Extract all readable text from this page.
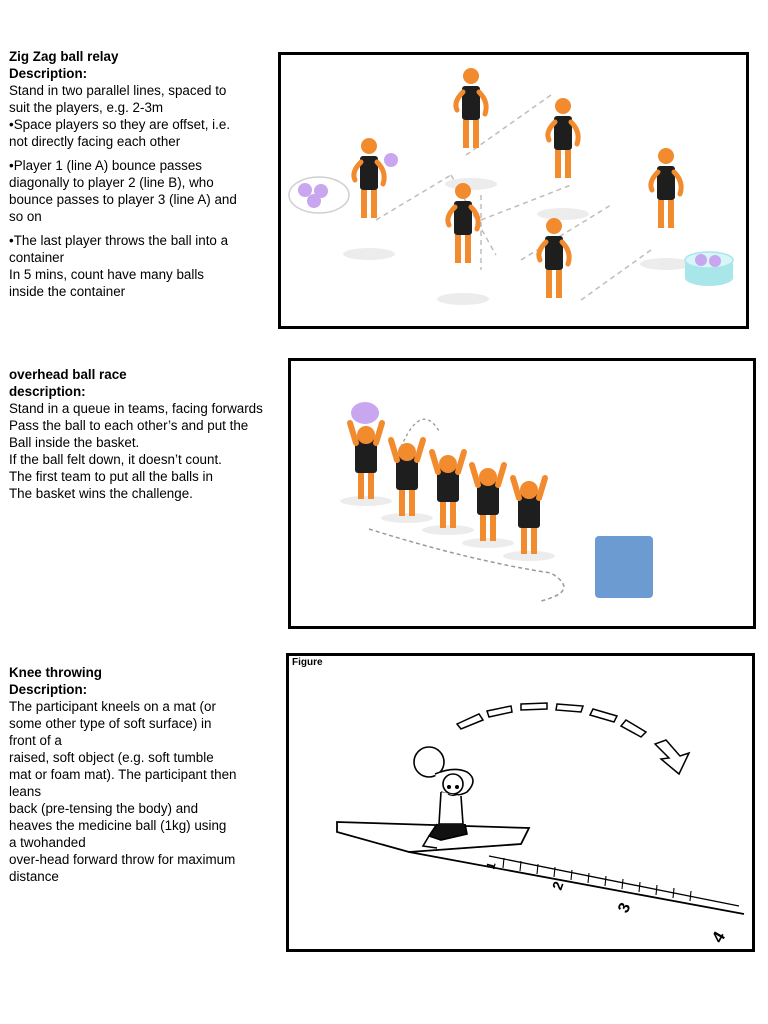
Zig Zag ball relay
Description:
Stand in two parallel lines, spaced to
suit the players, e.g. 2-3m
•Space players so they are offset, i.e.
not directly facing each other
•Player 1 (line A) bounce passes
diagonally to player 2 (line B), who
bounce passes to player 3 (line A) and
so on
•The last player throws the ball into a
container
In 5 mins, count have many balls
inside the container
overhead ball race
description:
Stand in a queue in teams, facing forwards
Pass the ball to each other’s and put the
Ball inside the basket.
If the ball felt down, it doesn’t count.
The first team to put all the balls in
The basket wins the challenge.
Knee throwing
Description:
The participant kneels on a mat (or
some other type of soft surface) in
front of a
raised, soft object (e.g. soft tumble
mat or foam mat). The participant then
leans
back (pre-tensing the body) and
heaves the medicine ball (1kg) using
a twohanded
over-head forward throw for maximum
distance
Figure
1
2
3
4
